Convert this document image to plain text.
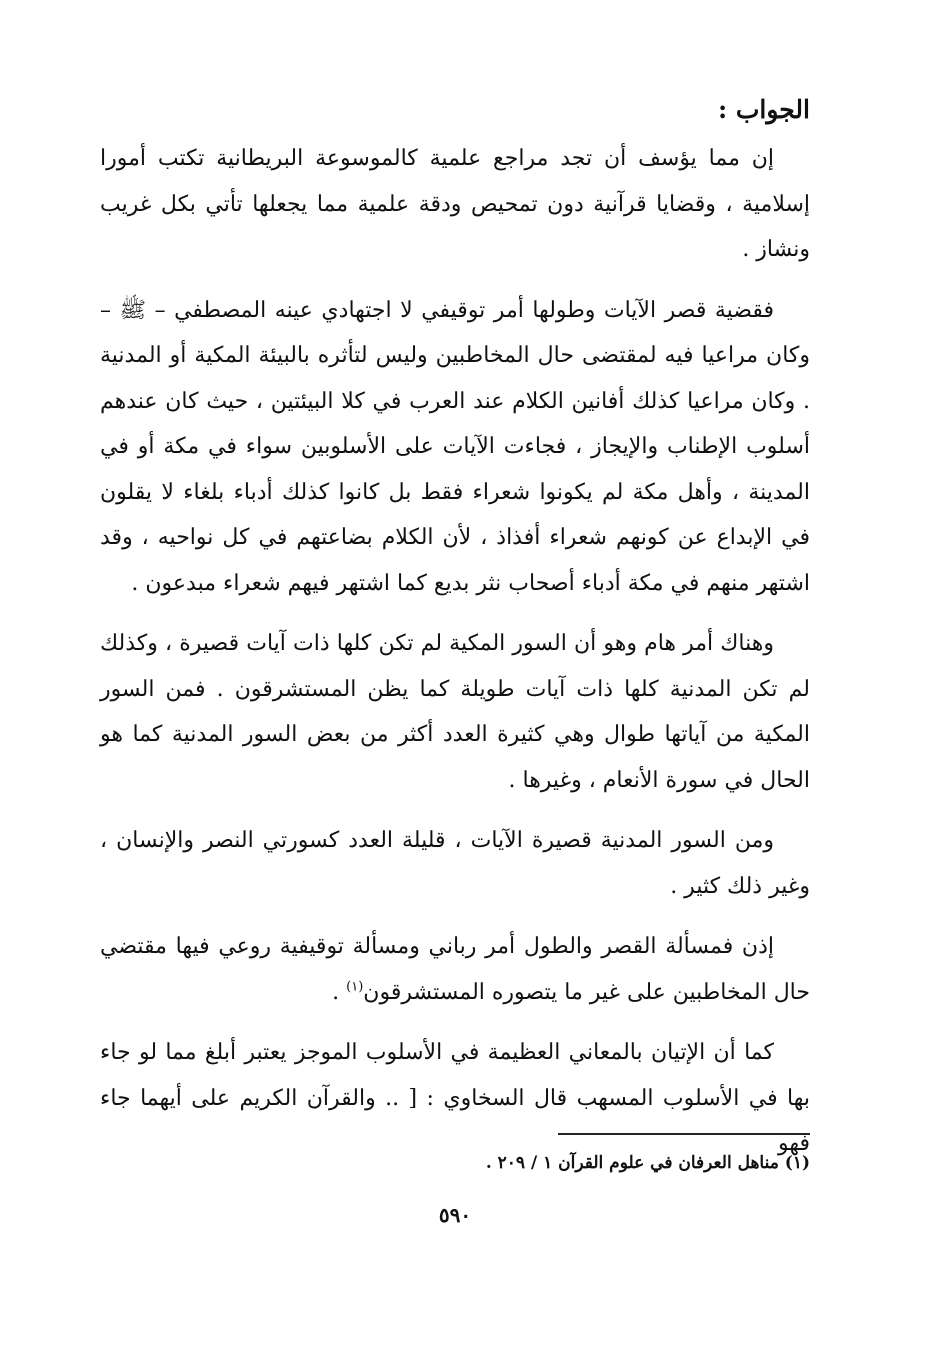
الجواب :

إن مما يؤسف أن تجد مراجع علمية كالموسوعة البريطانية تكتب أمورا إسلامية ، وقضايا قرآنية دون تمحيص ودقة علمية مما يجعلها تأتي بكل غريب ونشاز .

فقضية قصر الآيات وطولها أمر توقيفي لا اجتهادي عينه المصطفي – ﷺ – وكان مراعيا فيه لمقتضى حال المخاطبين وليس لتأثره بالبيئة المكية أو المدنية . وكان مراعيا كذلك أفانين الكلام عند العرب في كلا البيئتين ، حيث كان عندهم أسلوب الإطناب والإيجاز ، فجاءت الآيات على الأسلوبين سواء في مكة أو في المدينة ، وأهل مكة لم يكونوا شعراء فقط بل كانوا كذلك أدباء بلغاء لا يقلون في الإبداع عن كونهم شعراء أفذاذ ، لأن الكلام بضاعتهم في كل نواحيه ، وقد اشتهر منهم في مكة أدباء أصحاب نثر بديع كما اشتهر فيهم شعراء مبدعون .

وهناك أمر هام وهو أن السور المكية لم تكن كلها ذات آيات قصيرة ، وكذلك لم تكن المدنية كلها ذات آيات طويلة كما يظن المستشرقون . فمن السور المكية من آياتها طوال وهي كثيرة العدد أكثر من بعض السور المدنية كما هو الحال في سورة الأنعام ، وغيرها .

ومن السور المدنية قصيرة الآيات ، قليلة العدد كسورتي النصر والإنسان ، وغير ذلك كثير .

إذن فمسألة القصر والطول أمر رباني ومسألة توقيفية روعي فيها مقتضي حال المخاطبين على غير ما يتصوره المستشرقون$^{(١)}$ .

كما أن الإتيان بالمعاني العظيمة في الأسلوب الموجز يعتبر أبلغ مما لو جاء بها في الأسلوب المسهب قال السخاوي : [ .. والقرآن الكريم على أيهما جاء فهو

(١) مناهل العرفان في علوم القرآن ١ / ٢٠٩ .
٥٩٠
